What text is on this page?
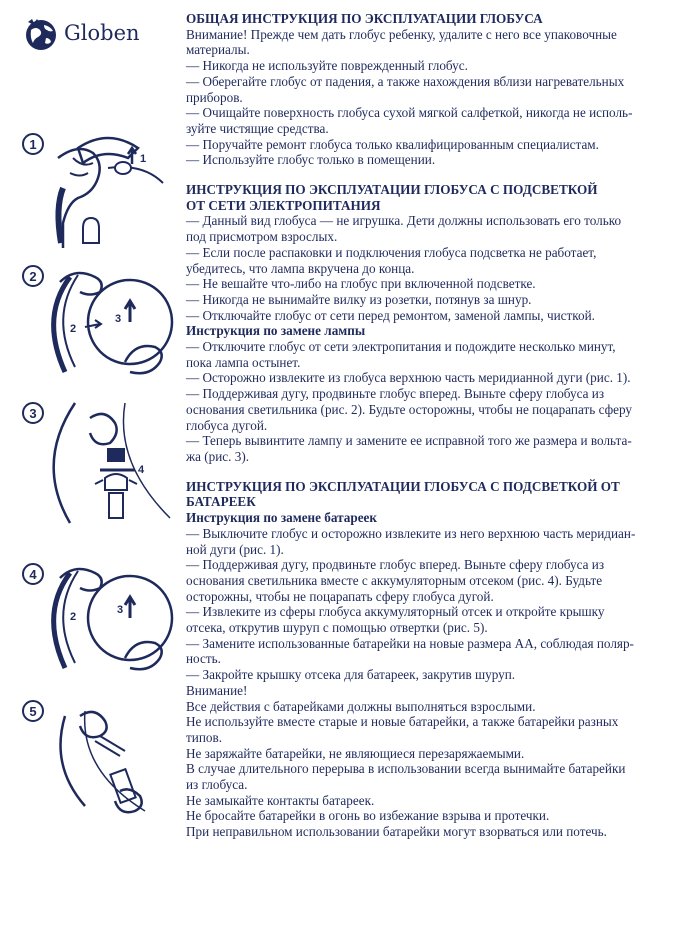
Globen
1
1
2
2
3
3
4
4
2
3
5
ОБЩАЯ ИНСТРУКЦИЯ ПО ЭКСПЛУАТАЦИИ ГЛОБУСА
Внимание! Прежде чем дать глобус ребенку, удалите с него все упаковочные
материалы.
— Никогда не используйте поврежденный глобус.
— Оберегайте глобус от падения, а также нахождения вблизи нагревательных
приборов.
— Очищайте поверхность глобуса сухой мягкой салфеткой, никогда не исполь-
зуйте чистящие средства.
— Поручайте ремонт глобуса только квалифицированным специалистам.
— Используйте глобус только в помещении.
ИНСТРУКЦИЯ ПО ЭКСПЛУАТАЦИИ ГЛОБУСА С ПОДСВЕТКОЙ
ОТ СЕТИ ЭЛЕКТРОПИТАНИЯ
— Данный вид глобуса — не игрушка. Дети должны использовать его только
под присмотром взрослых.
— Если после распаковки и подключения глобуса подсветка не работает,
убедитесь, что лампа вкручена до конца.
— Не вешайте что-либо на глобус при включенной подсветке.
— Никогда не вынимайте вилку из розетки, потянув за шнур.
— Отключайте глобус от сети перед ремонтом, заменой лампы, чисткой.
Инструкция по замене лампы
— Отключите глобус от сети электропитания и подождите несколько минут,
пока лампа остынет.
— Осторожно извлеките из глобуса верхнюю часть меридианной дуги (рис. 1).
— Поддерживая дугу, продвиньте глобус вперед. Выньте сферу глобуса из
основания светильника (рис. 2). Будьте осторожны, чтобы не поцарапать сферу
глобуса дугой.
— Теперь вывинтите лампу и замените ее исправной того же размера и вольта-
жа (рис. 3).
ИНСТРУКЦИЯ ПО ЭКСПЛУАТАЦИИ ГЛОБУСА С ПОДСВЕТКОЙ ОТ
БАТАРЕЕК
Инструкция по замене батареек
— Выключите глобус и осторожно извлеките из него верхнюю часть меридиан-
ной дуги (рис. 1).
— Поддерживая дугу, продвиньте глобус вперед. Выньте сферу глобуса из
основания светильника вместе с аккумуляторным отсеком (рис. 4). Будьте
осторожны, чтобы не поцарапать сферу глобуса дугой.
— Извлеките из сферы глобуса аккумуляторный отсек и откройте крышку
отсека, открутив шуруп с помощью отвертки (рис. 5).
— Замените использованные батарейки на новые размера АА, соблюдая поляр-
ность.
— Закройте крышку отсека для батареек, закрутив шуруп.
Внимание!
Все действия с батарейками должны выполняться взрослыми.
Не используйте вместе старые и новые батарейки, а также батарейки разных
типов.
Не заряжайте батарейки, не являющиеся перезаряжаемыми.
В случае длительного перерыва в использовании всегда вынимайте батарейки
из глобуса.
Не замыкайте контакты батареек.
Не бросайте батарейки в огонь во избежание взрыва и протечки.
При неправильном использовании батарейки могут взорваться или потечь.
